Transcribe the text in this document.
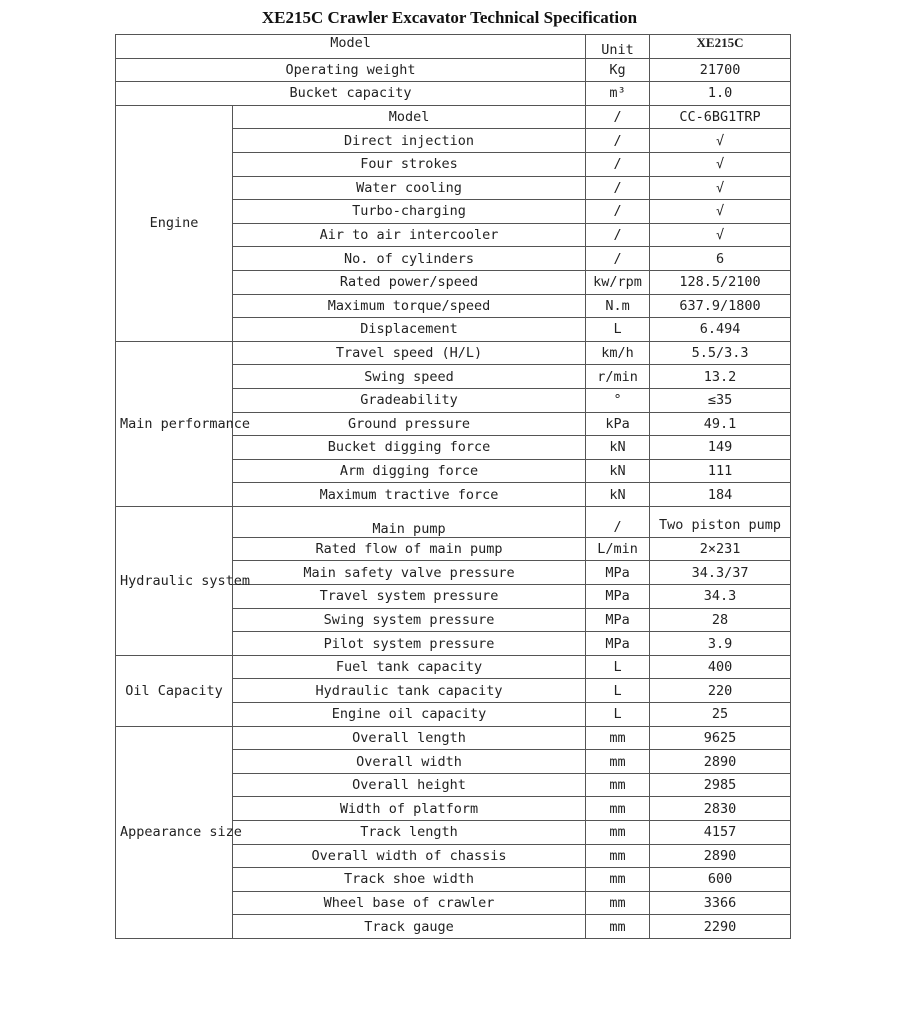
XE215C Crawler Excavator Technical Specification
Model		Unit	XE215C
Operating weight		Kg	21700
Bucket capacity		m³	1.0
Engine	Model	/	CC-6BG1TRP
	Direct injection	/	√
	Four strokes	/	√
	Water cooling	/	√
	Turbo-charging	/	√
	Air to air intercooler	/	√
	No. of cylinders	/	6
	Rated power/speed	kw/rpm	128.5/2100
	Maximum torque/speed	N.m	637.9/1800
	Displacement	L	6.494
Main performance	Travel speed (H/L)	km/h	5.5/3.3
	Swing speed	r/min	13.2
	Gradeability	°	≤35
	Ground pressure	kPa	49.1
	Bucket digging force	kN	149
	Arm digging force	kN	111
	Maximum tractive force	kN	184
Hydraulic system	Main pump	/	Two piston pump
	Rated flow of main pump	L/min	2×231
	Main safety valve pressure	MPa	34.3/37
	Travel system pressure	MPa	34.3
	Swing system pressure	MPa	28
	Pilot system pressure	MPa	3.9
Oil Capacity	Fuel tank capacity	L	400
	Hydraulic tank capacity	L	220
	Engine oil capacity	L	25
Appearance size	Overall length	mm	9625
	Overall width	mm	2890
	Overall height	mm	2985
	Width of platform	mm	2830
	Track length	mm	4157
	Overall width of chassis	mm	2890
	Track shoe width	mm	600
	Wheel base of crawler	mm	3366
	Track gauge	mm	2290
